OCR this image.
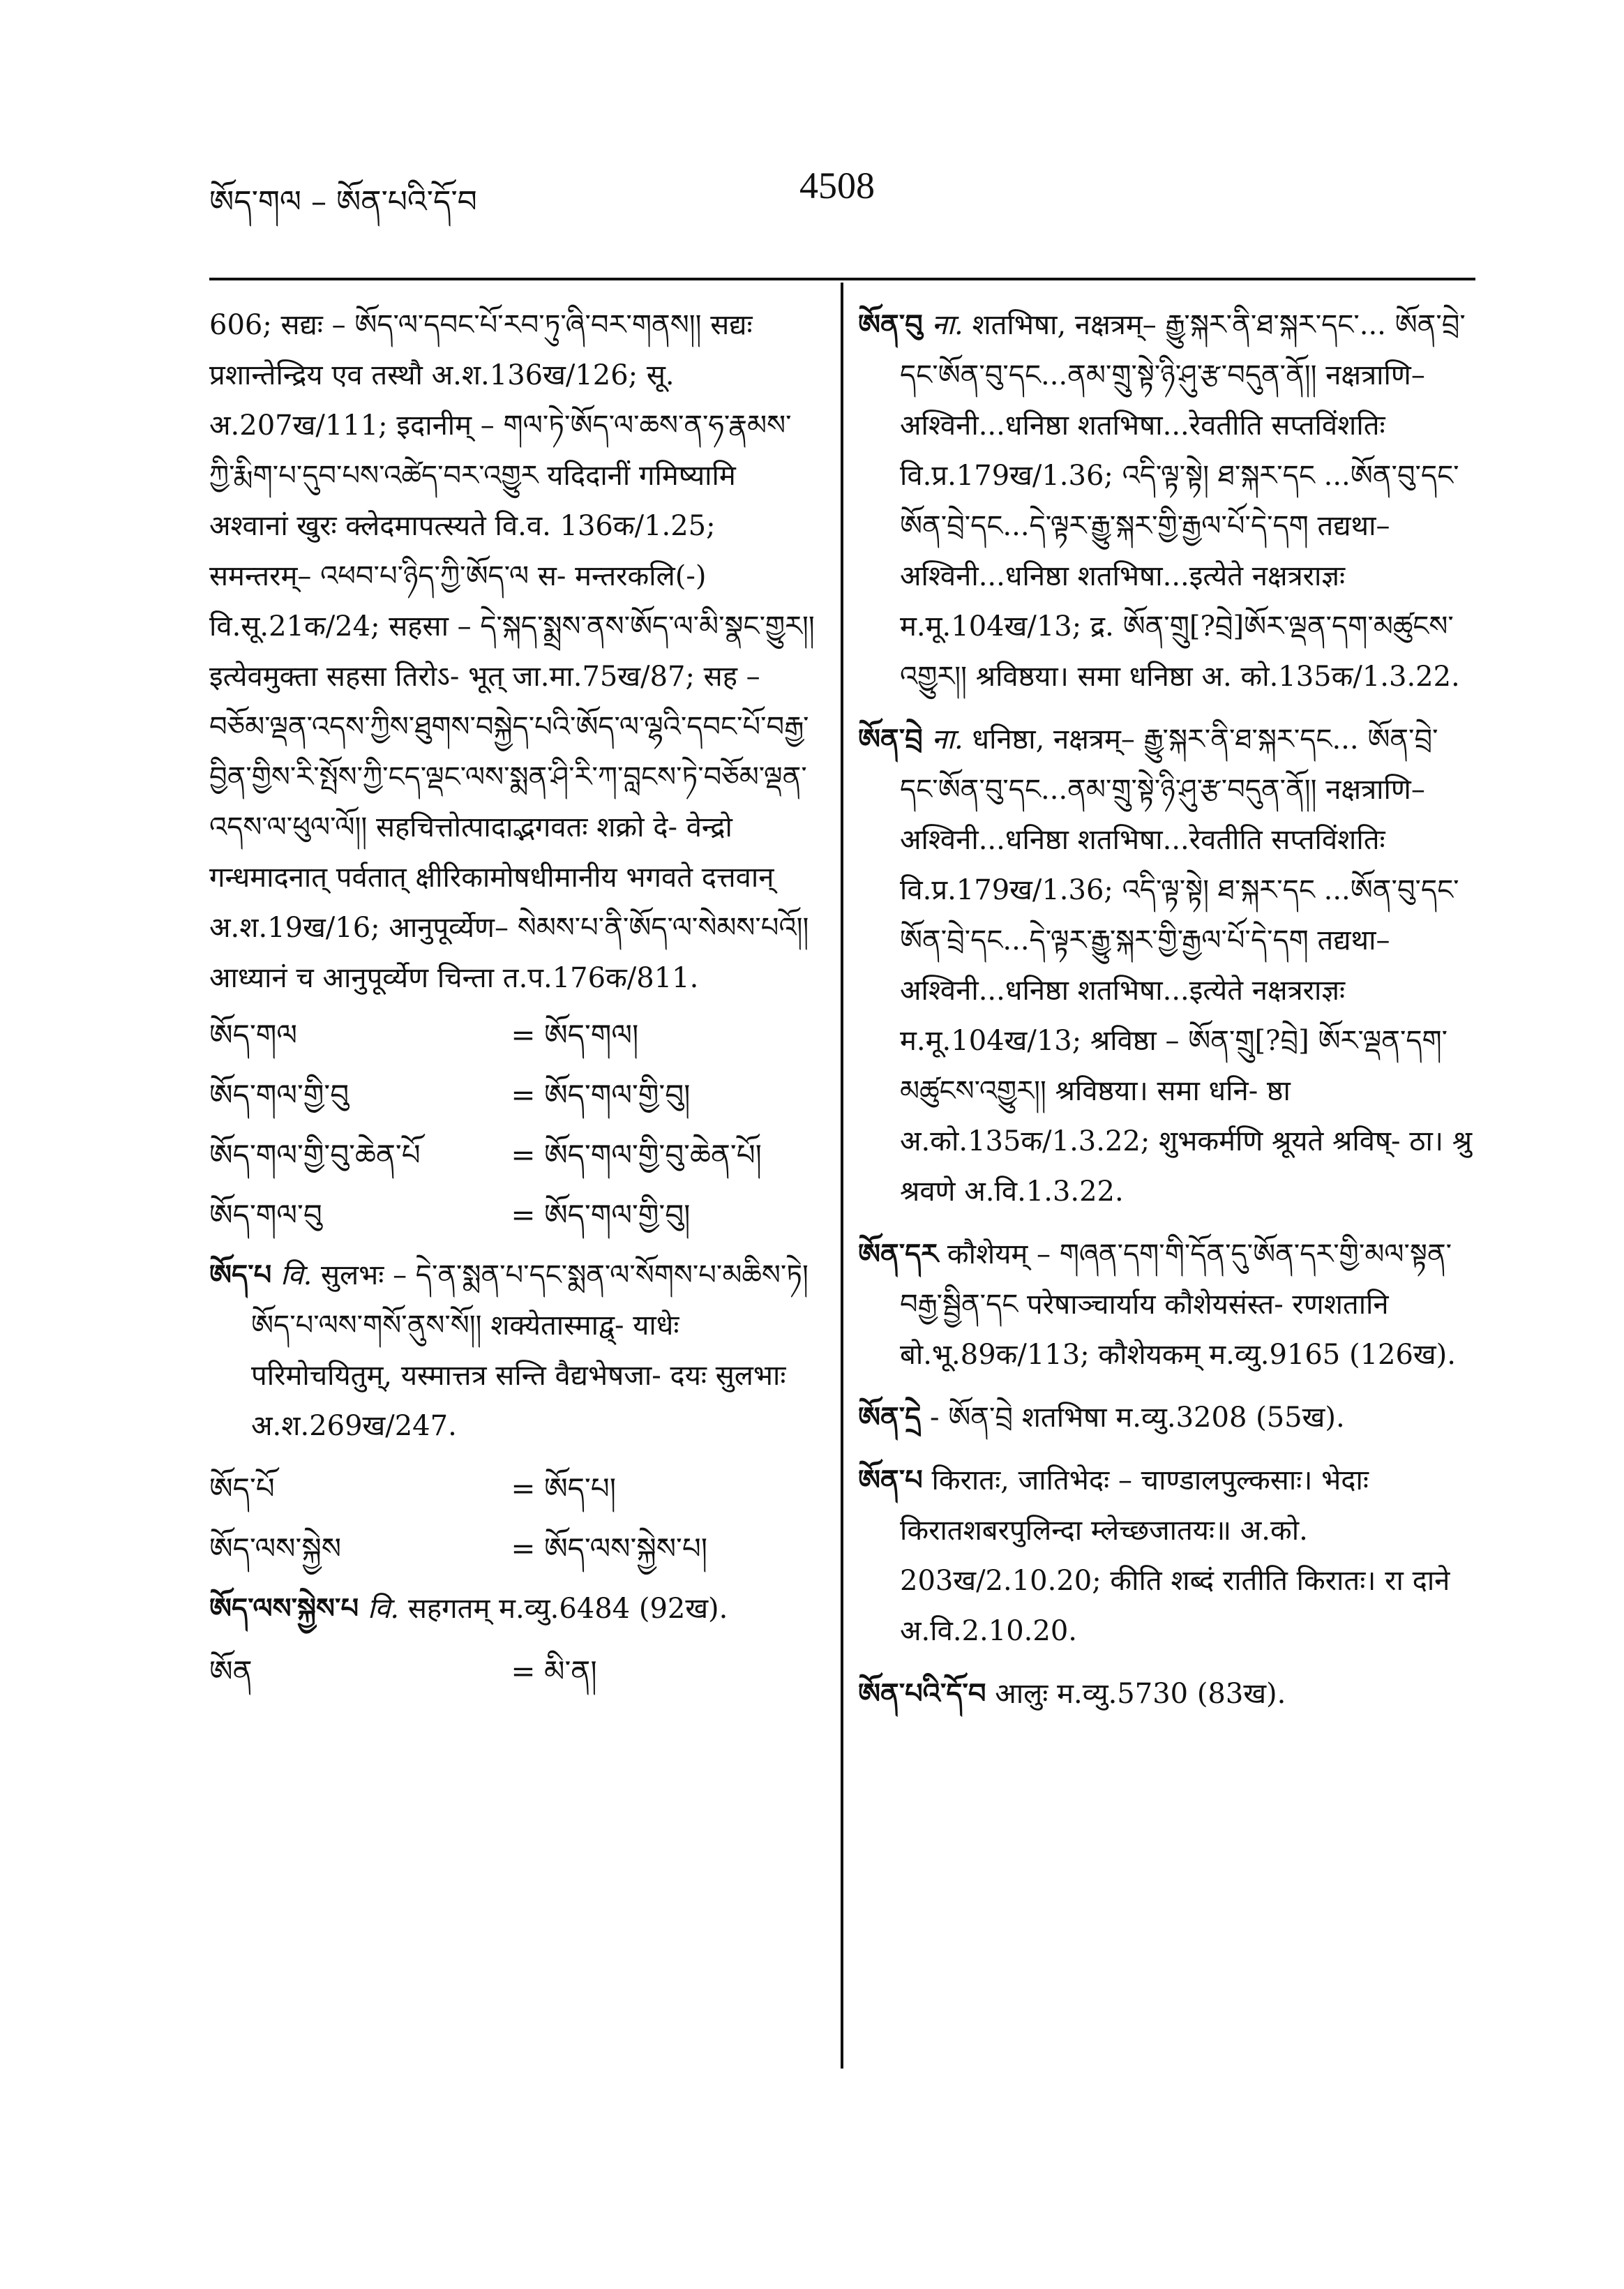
ཨོད་གལ – ཨོན་པའི་དོ་བ	4508

606; सद्यः – ཨོད་ལ་དབང་པོ་རབ་ཏུ་ཞི་བར་གནས།། सद्यः प्रशान्तेन्द्रिय एव तस्थौ अ.श.136ख/126; सू. अ.207ख/111; इदानीम् – གལ་ཏེ་ཨོད་ལ་ཆས་ན་ཧ་རྣམས་ཀྱི་རྨིག་པ་དུབ་པས་འཚེད་བར་འགྱུར यदिदानीं गमिष्यामि अश्वानां खुरः क्लेदमापत्स्यते वि.व. 136क/1.25; समन्तरम्– འཕབ་པ་ཉིད་ཀྱི་ཨོད་ལ स- मन्तरकलि(-) वि.सू.21क/24; सहसा – དེ་སྐད་སྨྲས་ནས་ཨོད་ལ་མི་སྣང་གྱུར།། इत्येवमुक्ता सहसा तिरोऽ- भूत् जा.मा.75ख/87; सह – བཅོམ་ལྡན་འདས་ཀྱིས་ཐུགས་བསྐྱེད་པའི་ཨོད་ལ་ལྷའི་དབང་པོ་བརྒྱ་བྱིན་གྱིས་རི་སྤོས་ཀྱི་ངད་ལྡང་ལས་སྨན་ཤི་རི་ཀ་བླངས་ཏེ་བཅོམ་ལྡན་འདས་ལ་ཕུལ་ལོ།། सहचित्तोत्पादाद्भगवतः शक्रो दे- वेन्द्रो गन्धमादनात् पर्वतात् क्षीरिकामोषधीमानीय भगवते दत्तवान् अ.श.19ख/16; आनुपूर्व्येण– སེམས་པ་ནི་ཨོད་ལ་སེམས་པའོ།། आध्यानं च आनुपूर्व्येण चिन्ता त.प.176क/811.

ཨོད་གལ	= ཨོད་གལ།
ཨོད་གལ་གྱི་བུ	= ཨོད་གལ་གྱི་བུ།
ཨོད་གལ་གྱི་བུ་ཆེན་པོ	= ཨོད་གལ་གྱི་བུ་ཆེན་པོ།
ཨོད་གལ་བུ	= ཨོད་གལ་གྱི་བུ།

ཨོད་པ वि. सुलभः – དེ་ན་སྨན་པ་དང་སྨན་ལ་སོགས་པ་མཆིས་ཏེ། ཨོད་པ་ལས་གསོ་ནུས་སོ།། शक्येतास्माद्व्- याधेः परिमोचयितुम्, यस्मात्तत्र सन्ति वैद्यभेषजा- दयः सुलभाः अ.श.269ख/247.

ཨོད་པོ	= ཨོད་པ།
ཨོད་ལས་སྐྱེས	= ཨོད་ལས་སྐྱེས་པ།

ཨོད་ལས་སྐྱེས་པ वि. सहगतम् म.व्यु.6484 (92ख).

ཨོན	= མི་ན།

ཨོན་བུ ना. शतभिषा, नक्षत्रम्– རྒྱུ་སྐར་ནི་ཐ་སྐར་དང་... ཨོན་བྲེ་དང་ཨོན་བུ་དང...ནམ་གྲུ་སྟེ་ཉི་ཤུ་རྩ་བདུན་ནོ།། नक्षत्राणि–अश्विनी...धनिष्ठा शतभिषा...रेवतीति सप्तविंशतिः वि.प्र.179ख/1.36; འདི་ལྟ་སྟེ། ཐ་སྐར་དང ...ཨོན་བུ་དང་ཨོན་བྲེ་དང...དེ་ལྟར་རྒྱུ་སྐར་གྱི་རྒྱལ་པོ་དེ་དག तद्यथा–अश्विनी...धनिष्ठा शतभिषा...इत्येते नक्षत्रराज्ञः म.मू.104ख/13; द्र. ཨོན་གྲུ[?བྲེ]ཨོར་ལྡན་དག་མཚུངས་འགྱུར།། श्रविष्ठया। समा धनिष्ठा अ. को.135क/1.3.22.

ཨོན་བྲེ ना. धनिष्ठा, नक्षत्रम्– རྒྱུ་སྐར་ནི་ཐ་སྐར་དང... ཨོན་བྲེ་དང་ཨོན་བུ་དང...ནམ་གྲུ་སྟེ་ཉི་ཤུ་རྩ་བདུན་ནོ།། नक्षत्राणि–अश्विनी...धनिष्ठा शतभिषा...रेवतीति सप्तविंशतिः वि.प्र.179ख/1.36; འདི་ལྟ་སྟེ། ཐ་སྐར་དང ...ཨོན་བུ་དང་ཨོན་བྲེ་དང...དེ་ལྟར་རྒྱུ་སྐར་གྱི་རྒྱལ་པོ་དེ་དག तद्यथा–अश्विनी...धनिष्ठा शतभिषा...इत्येते नक्षत्रराज्ञः म.मू.104ख/13; श्रविष्ठा – ཨོན་གྲུ[?བྲེ] ཨོར་ལྡན་དག་མཚུངས་འགྱུར།། श्रविष्ठया। समा धनि- ष्ठा अ.को.135क/1.3.22; शुभकर्मणि श्रूयते श्रविष्- ठा। श्रु श्रवणे अ.वि.1.3.22.

ཨོན་དར कौशेयम् – གཞན་དག་གི་དོན་དུ་ཨོན་དར་གྱི་མལ་སྟན་བརྒྱ་སྦྱིན་དང परेषाञ्चार्याय कौशेयसंस्त- रणशतानि बो.भू.89क/113; कौशेयकम् म.व्यु.9165 (126ख).

ཨོན་དྲེ - ཨོན་བྲེ शतभिषा म.व्यु.3208 (55ख).

ཨོན་པ किरातः, जातिभेदः – चाण्डालपुल्कसाः। भेदाः किरातशबरपुलिन्दा म्लेच्छजातयः॥ अ.को. 203ख/2.10.20; कीति शब्दं रातीति किरातः। रा दाने अ.वि.2.10.20.

ཨོན་པའི་དོ་བ आलुः म.व्यु.5730 (83ख).
